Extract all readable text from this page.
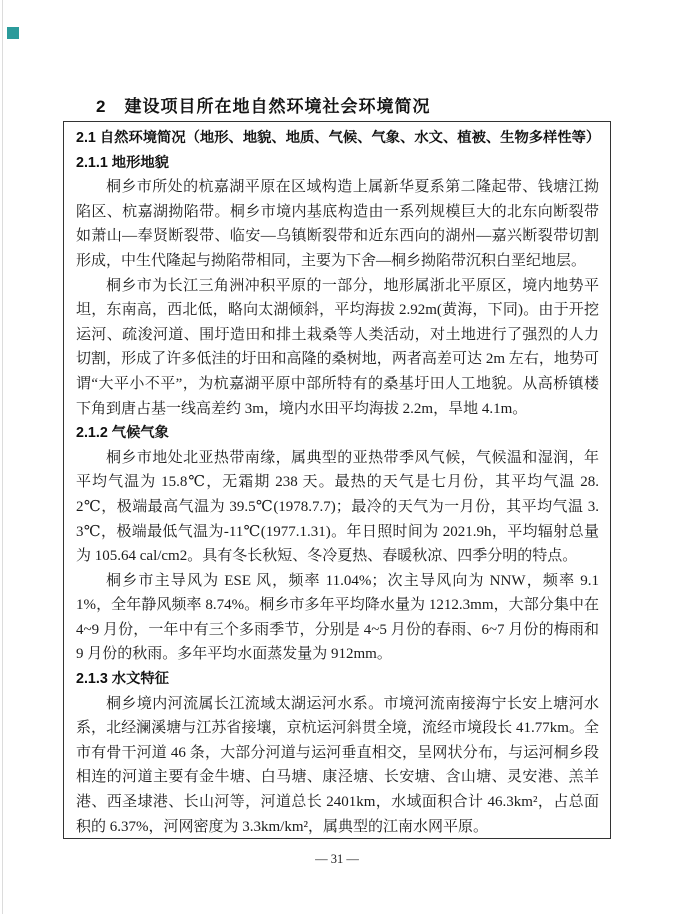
2　建设项目所在地自然环境社会环境简况

2.1 自然环境简况（地形、地貌、地质、气候、气象、水文、植被、生物多样性等）

2.1.1 地形地貌

桐乡市所处的杭嘉湖平原在区域构造上属新华夏系第二隆起带、钱塘江拗陷区、杭嘉湖拗陷带。桐乡市境内基底构造由一系列规模巨大的北东向断裂带如萧山—奉贤断裂带、临安—乌镇断裂带和近东西向的湖州—嘉兴断裂带切割形成，中生代隆起与拗陷带相同，主要为下舍—桐乡拗陷带沉积白垩纪地层。

桐乡市为长江三角洲冲积平原的一部分，地形属浙北平原区，境内地势平坦，东南高，西北低，略向太湖倾斜，平均海拔 2.92m(黄海，下同)。由于开挖运河、疏浚河道、围圩造田和排土栽桑等人类活动，对土地进行了强烈的人力切割，形成了许多低洼的圩田和高隆的桑树地，两者高差可达 2m 左右，地势可谓“大平小不平”，为杭嘉湖平原中部所特有的桑基圩田人工地貌。从高桥镇楼下角到唐占基一线高差约 3m，境内水田平均海拔 2.2m，旱地 4.1m。

2.1.2 气候气象

桐乡市地处北亚热带南缘，属典型的亚热带季风气候，气候温和湿润，年平均气温为 15.8℃，无霜期 238 天。最热的天气是七月份，其平均气温 28.2℃，极端最高气温为 39.5℃(1978.7.7)；最冷的天气为一月份，其平均气温 3.3℃，极端最低气温为-11℃(1977.1.31)。年日照时间为 2021.9h，平均辐射总量为 105.64 cal/cm2。具有冬长秋短、冬冷夏热、春暖秋凉、四季分明的特点。

桐乡市主导风为 ESE 风，频率 11.04%；次主导风向为 NNW，频率 9.11%，全年静风频率 8.74%。桐乡市多年平均降水量为 1212.3mm，大部分集中在 4~9 月份，一年中有三个多雨季节，分别是 4~5 月份的春雨、6~7 月份的梅雨和 9 月份的秋雨。多年平均水面蒸发量为 912mm。

2.1.3 水文特征

桐乡境内河流属长江流域太湖运河水系。市境河流南接海宁长安上塘河水系，北经澜溪塘与江苏省接壤，京杭运河斜贯全境，流经市境段长 41.77km。全市有骨干河道 46 条，大部分河道与运河垂直相交，呈网状分布，与运河桐乡段相连的河道主要有金牛塘、白马塘、康泾塘、长安塘、含山塘、灵安港、羔羊港、西圣埭港、长山河等，河道总长 2401km，水域面积合计 46.3km²，占总面积的 6.37%，河网密度为 3.3km/km²，属典型的江南水网平原。

— 31 —
